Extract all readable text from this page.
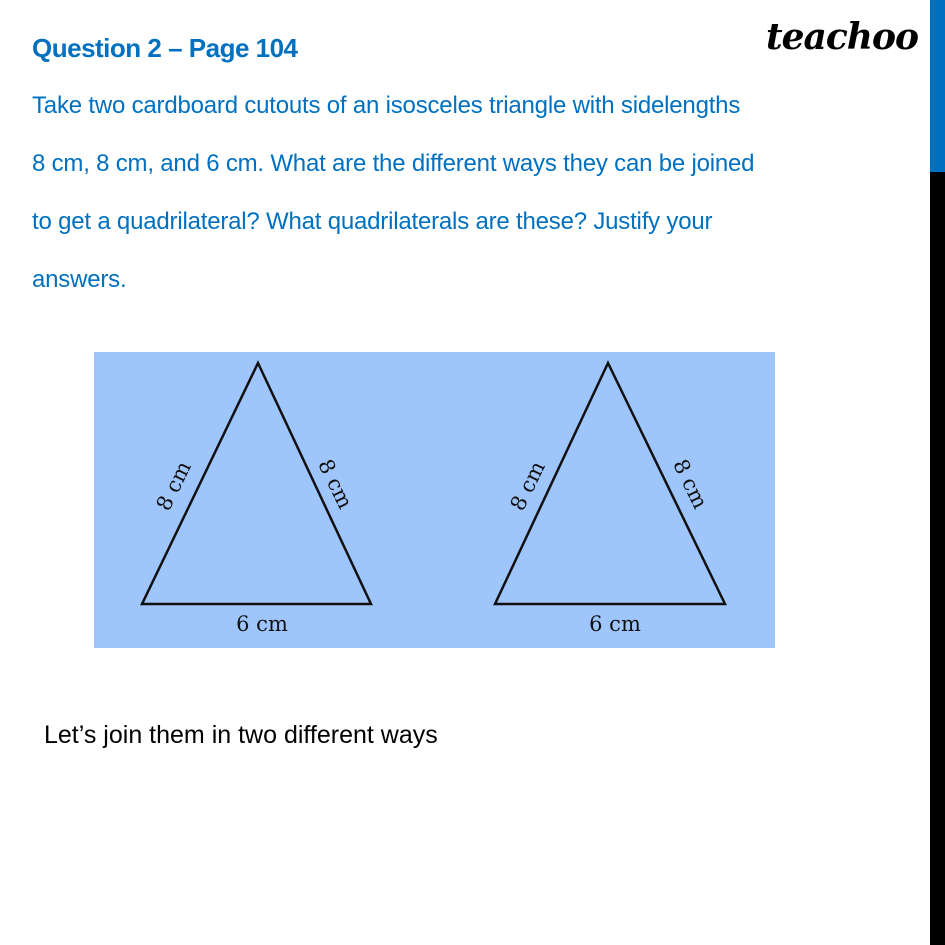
Question 2 – Page 104	teachoo
Take two cardboard cutouts of an isosceles triangle with sidelengths
8 cm, 8 cm, and 6 cm. What are the different ways they can be joined
to get a quadrilateral? What quadrilaterals are these? Justify your
answers.
8 cm	8 cm
6 cm
8 cm	8 cm
6 cm
Let’s join them in two different ways
